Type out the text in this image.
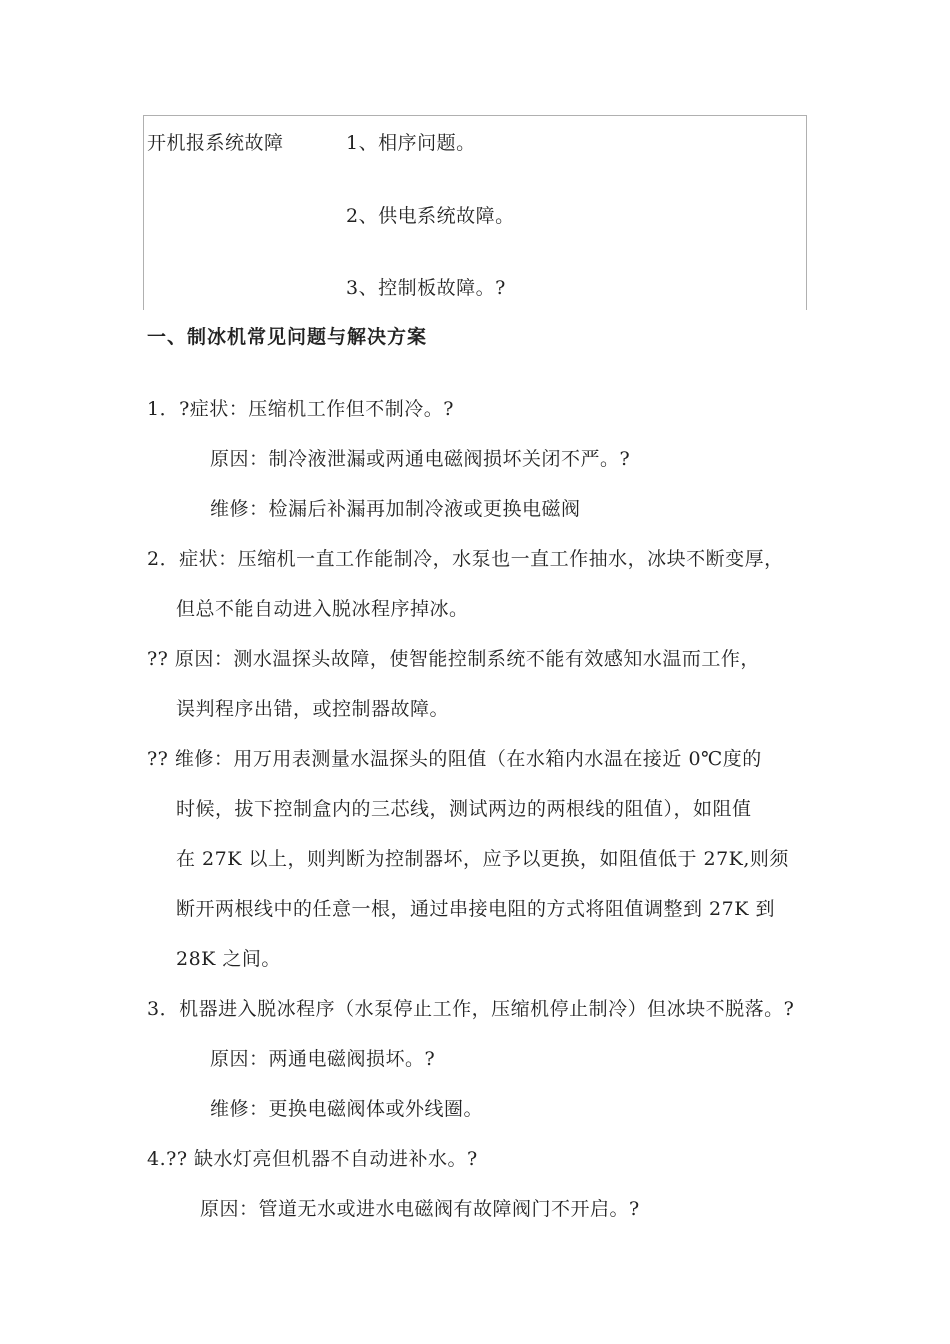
开机报系统故障	1、相序问题。
2、供电系统故障。
3、控制板故障。?
一、制冰机常见问题与解决方案
1．?症状：压缩机工作但不制冷。?
原因：制冷液泄漏或两通电磁阀损坏关闭不严。?
维修：检漏后补漏再加制冷液或更换电磁阀
2．症状：压缩机一直工作能制冷，水泵也一直工作抽水，冰块不断变厚，
但总不能自动进入脱冰程序掉冰。
?? 原因：测水温探头故障，使智能控制系统不能有效感知水温而工作，
误判程序出错，或控制器故障。
?? 维修：用万用表测量水温探头的阻值（在水箱内水温在接近 0℃度的
时候，拔下控制盒内的三芯线，测试两边的两根线的阻值），如阻值
在 27K 以上，则判断为控制器坏，应予以更换，如阻值低于 27K,则须
断开两根线中的任意一根，通过串接电阻的方式将阻值调整到 27K 到
28K 之间。
3．机器进入脱冰程序（水泵停止工作，压缩机停止制冷）但冰块不脱落。?
原因：两通电磁阀损坏。?
维修：更换电磁阀体或外线圈。
4.?? 缺水灯亮但机器不自动进补水。?
原因：管道无水或进水电磁阀有故障阀门不开启。?
